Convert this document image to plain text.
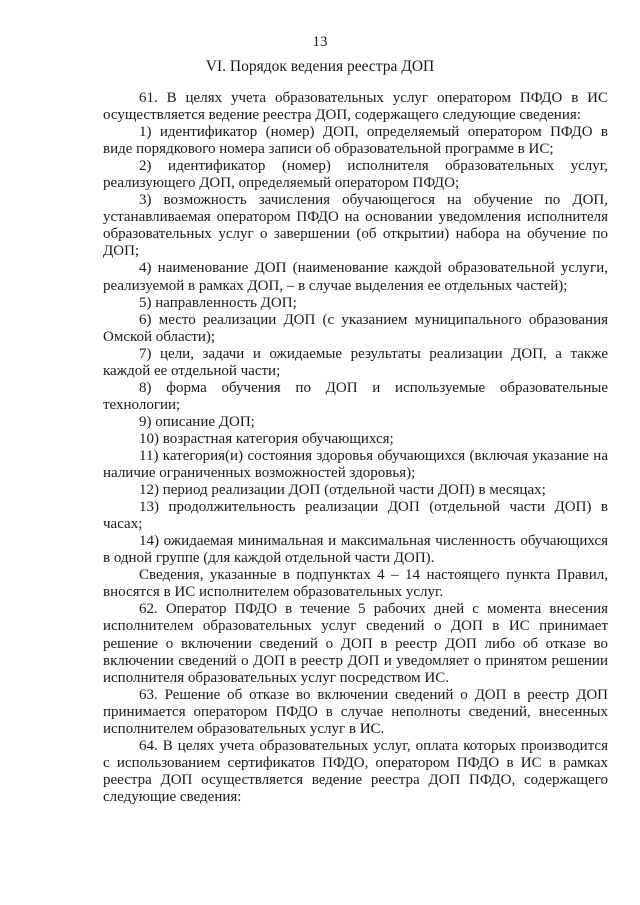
13
VI. Порядок ведения реестра ДОП

61. В целях учета образовательных услуг оператором ПФДО в ИС осуществляется ведение реестра ДОП, содержащего следующие сведения:

1) идентификатор (номер) ДОП, определяемый оператором ПФДО в виде порядкового номера записи об образовательной программе в ИС;

2) идентификатор (номер) исполнителя образовательных услуг, реализующего ДОП, определяемый оператором ПФДО;

3) возможность зачисления обучающегося на обучение по ДОП, устанавливаемая оператором ПФДО на основании уведомления исполнителя образовательных услуг о завершении (об открытии) набора на обучение по ДОП;

4) наименование ДОП (наименование каждой образовательной услуги, реализуемой в рамках ДОП, – в случае выделения ее отдельных частей);

5) направленность ДОП;

6) место реализации ДОП (с указанием муниципального образования Омской области);

7) цели, задачи и ожидаемые результаты реализации ДОП, а также каждой ее отдельной части;

8) форма обучения по ДОП и используемые образовательные технологии;

9) описание ДОП;

10) возрастная категория обучающихся;

11) категория(и) состояния здоровья обучающихся (включая указание на наличие ограниченных возможностей здоровья);

12) период реализации ДОП (отдельной части ДОП) в месяцах;

13) продолжительность реализации ДОП (отдельной части ДОП) в часах;

14) ожидаемая минимальная и максимальная численность обучающихся в одной группе (для каждой отдельной части ДОП).

Сведения, указанные в подпунктах 4 – 14 настоящего пункта Правил, вносятся в ИС исполнителем образовательных услуг.

62. Оператор ПФДО в течение 5 рабочих дней с момента внесения исполнителем образовательных услуг сведений о ДОП в ИС принимает решение о включении сведений о ДОП в реестр ДОП либо об отказе во включении сведений о ДОП в реестр ДОП и уведомляет о принятом решении исполнителя образовательных услуг посредством ИС.

63. Решение об отказе во включении сведений о ДОП в реестр ДОП принимается оператором ПФДО в случае неполноты сведений, внесенных исполнителем образовательных услуг в ИС.

64. В целях учета образовательных услуг, оплата которых производится с использованием сертификатов ПФДО, оператором ПФДО в ИС в рамках реестра ДОП осуществляется ведение реестра ДОП ПФДО, содержащего следующие сведения:
